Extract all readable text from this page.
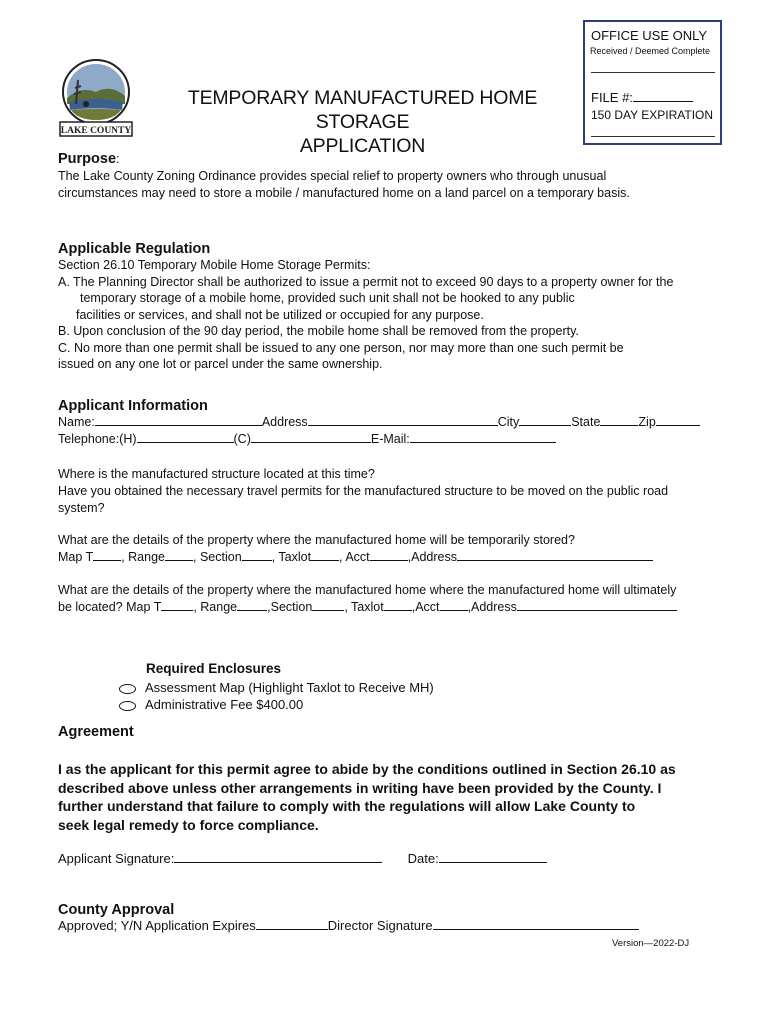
OFFICE USE ONLY
Received / Deemed Complete
FILE #:
150 DAY EXPIRATION
LAKE COUNTY
TEMPORARY MANUFACTURED HOME STORAGE
APPLICATION
Purpose:
The Lake County Zoning Ordinance provides special relief to property owners who through unusual
circumstances may need to store a mobile / manufactured home on a land parcel on a temporary basis.
Applicable Regulation
Section 26.10 Temporary Mobile Home Storage Permits:
A. The Planning Director shall be authorized to issue a permit not to exceed 90 days to a property owner for the
temporary storage of a mobile home, provided such unit shall not be hooked to any public
facilities or services, and shall not be utilized or occupied for any purpose.
B. Upon conclusion of the 90 day period, the mobile home shall be removed from the property.
C. No more than one permit shall be issued to any one person, nor may more than one such permit be
issued on any one lot or parcel under the same ownership.
Applicant Information
Name:	Address	City	State	Zip
Telephone:(H)	(C)	E-Mail:
Where is the manufactured structure located at this time?
Have you obtained the necessary travel permits for the manufactured structure to be moved on the public road
system?
What are the details of the property where the manufactured home will be temporarily stored?
Map T , Range , Section , Taxlot , Acct	,Address
What are the details of the property where the manufactured home where the manufactured home will ultimately
be located? Map T	, Range ,Section	, Taxlot ,Acct ,Address
Required Enclosures
Assessment Map (Highlight Taxlot to Receive MH)
Administrative Fee $400.00
Agreement
I as the applicant for this permit agree to abide by the conditions outlined in Section 26.10 as
described above unless other arrangements in writing have been provided by the County. I
further understand that failure to comply with the regulations will allow Lake County to
seek legal remedy to force compliance.
Applicant Signature:	Date:
County Approval
Approved; Y/N Application Expires	Director Signature
Version—2022-DJ
